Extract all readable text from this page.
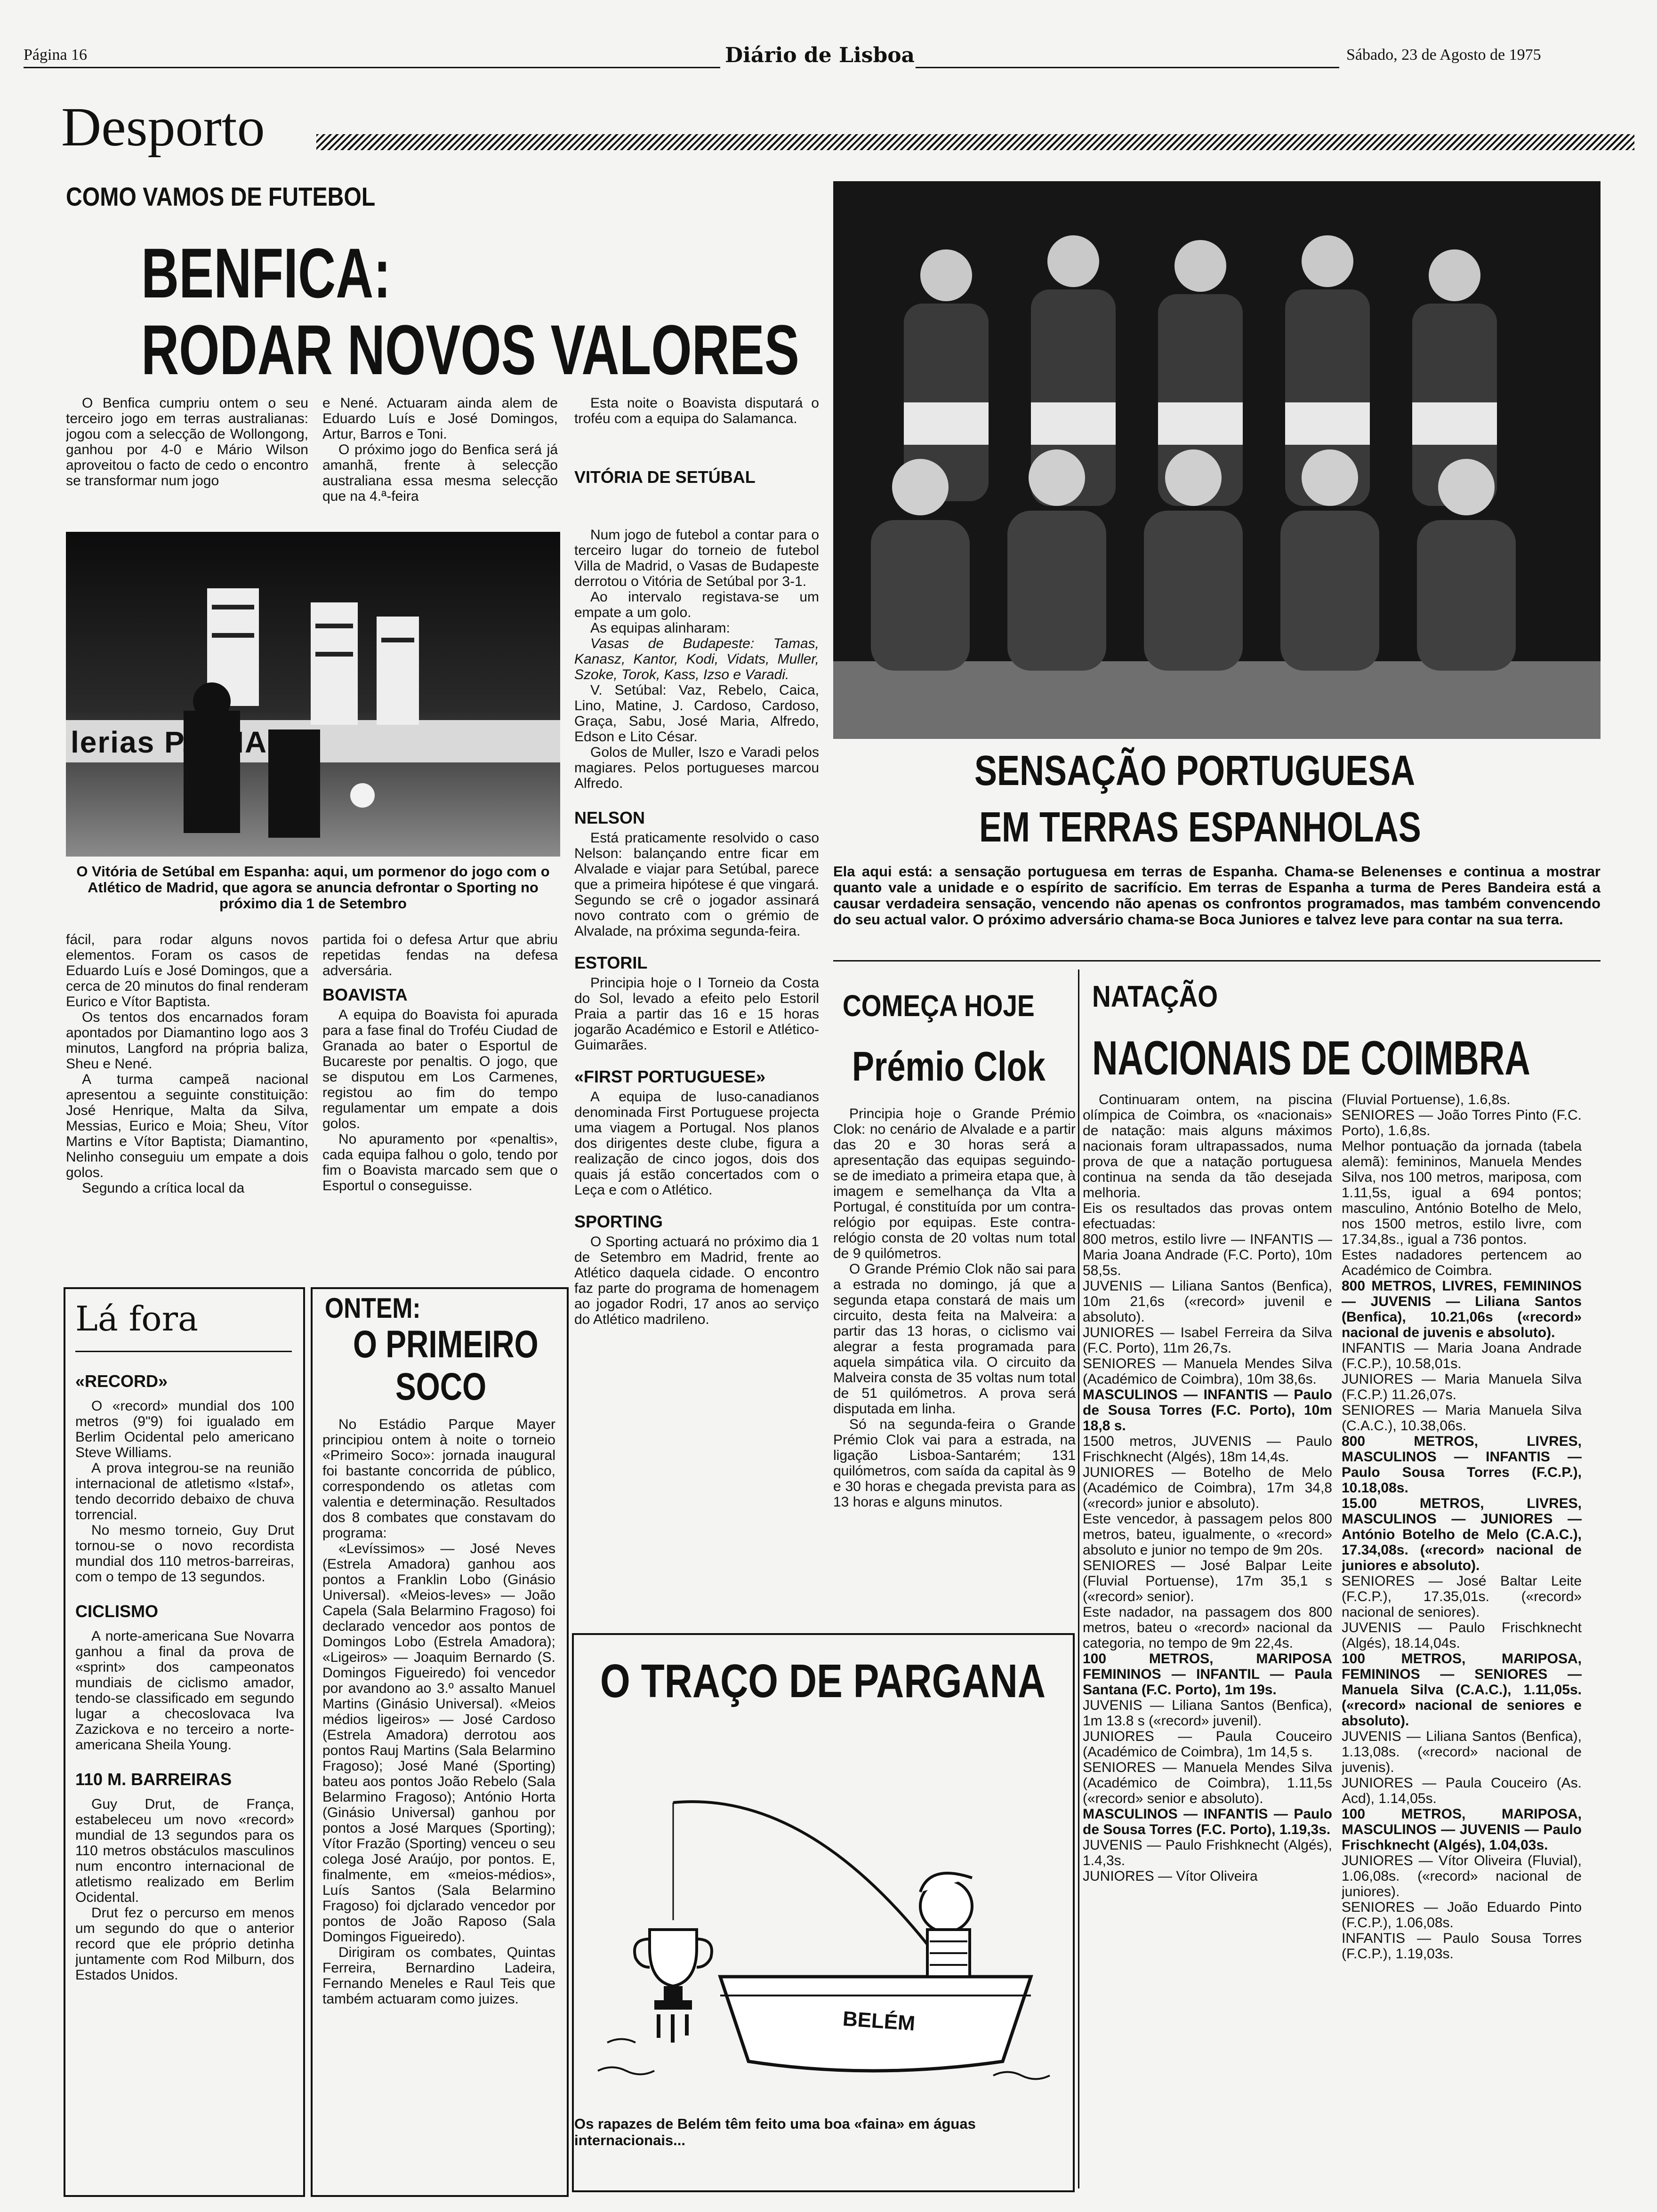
Página 16	Diário de Lisboa	Sábado, 23 de Agosto de 1975
Desporto
COMO VAMOS DE FUTEBOL
BENFICA:
RODAR NOVOS VALORES

O Benfica cumpriu ontem o seu terceiro jogo em terras australianas: jogou com a selecção de Wollongong, ganhou por 4-0 e Mário Wilson aproveitou o facto de cedo o encontro se transformar num jogo

e Nené. Actuaram ainda alem de Eduardo Luís e José Domingos, Artur, Barros e Toni.

O próximo jogo do Benfica será já amanhã, frente à selecção australiana essa mesma selecção que na 4.ª-feira

Esta noite o Boavista disputará o troféu com a equipa do Salamanca.

VITÓRIA DE SETÚBAL
lerias P... MADR
O Vitória de Setúbal em Espanha: aqui, um pormenor do jogo com o Atlético de Madrid, que agora se anuncia defrontar o Sporting no próximo dia 1 de Setembro

fácil, para rodar alguns novos elementos. Foram os casos de Eduardo Luís e José Domingos, que a cerca de 20 minutos do final renderam Eurico e Vítor Baptista.

Os tentos dos encarnados foram apontados por Diamantino logo aos 3 minutos, Langford na própria baliza, Sheu e Nené.

A turma campeã nacional apresentou a seguinte constituição: José Henrique, Malta da Silva, Messias, Eurico e Moia; Sheu, Vítor Martins e Vítor Baptista; Diamantino, Nelinho conseguiu um empate a dois golos.

Segundo a crítica local da

partida foi o defesa Artur que abriu repetidas fendas na defesa adversária.

BOAVISTA

A equipa do Boavista foi apurada para a fase final do Troféu Ciudad de Granada ao bater o Esportul de Bucareste por penaltis. O jogo, que se disputou em Los Carmenes, registou ao fim do tempo regulamentar um empate a dois golos.

No apuramento por «penaltis», cada equipa falhou o golo, tendo por fim o Boavista marcado sem que o Esportul o conseguisse.

Num jogo de futebol a contar para o terceiro lugar do torneio de futebol Villa de Madrid, o Vasas de Budapeste derrotou o Vitória de Setúbal por 3-1.

Ao intervalo registava-se um empate a um golo.

As equipas alinharam:

Vasas de Budapeste: Tamas, Kanasz, Kantor, Kodi, Vidats, Muller, Szoke, Torok, Kass, Izso e Varadi.

V. Setúbal: Vaz, Rebelo, Caica, Lino, Matine, J. Cardoso, Cardoso, Graça, Sabu, José Maria, Alfredo, Edson e Lito César.

Golos de Muller, Iszo e Varadi pelos magiares. Pelos portugueses marcou Alfredo.

NELSON

Está praticamente resolvido o caso Nelson: balançando entre ficar em Alvalade e viajar para Setúbal, parece que a primeira hipótese é que vingará. Segundo se crê o jogador assinará novo contrato com o grémio de Alvalade, na próxima segunda-feira.

ESTORIL

Principia hoje o I Torneio da Costa do Sol, levado a efeito pelo Estoril Praia a partir das 16 e 15 horas jogarão Académico e Estoril e Atlético-Guimarães.

«FIRST PORTUGUESE»

A equipa de luso-canadianos denominada First Portuguese projecta uma viagem a Portugal. Nos planos dos dirigentes deste clube, figura a realização de cinco jogos, dois dos quais já estão concertados com o Leça e com o Atlético.

SPORTING

O Sporting actuará no próximo dia 1 de Setembro em Madrid, frente ao Atlético daquela cidade. O encontro faz parte do programa de homenagem ao jogador Rodri, 17 anos ao serviço do Atlético madrileno.

SENSAÇÃO PORTUGUESA
EM TERRAS ESPANHOLAS
Ela aqui está: a sensação portuguesa em terras de Espanha. Chama-se Belenenses e continua a mostrar quanto vale a unidade e o espírito de sacrifício. Em terras de Espanha a turma de Peres Bandeira está a causar verdadeira sensação, vencendo não apenas os confrontos programados, mas também convencendo do seu actual valor. O próximo adversário chama-se Boca Juniores e talvez leve para contar na sua terra.
COMEÇA HOJE
Prémio Clok

Principia hoje o Grande Prémio Clok: no cenário de Alvalade e a partir das 20 e 30 horas será a apresentação das equipas seguindo-se de imediato a primeira etapa que, à imagem e semelhança da Vlta a Portugal, é constituída por um contra-relógio por equipas. Este contra-relógio consta de 20 voltas num total de 9 quilómetros.

O Grande Prémio Clok não sai para a estrada no domingo, já que a segunda etapa constará de mais um circuito, desta feita na Malveira: a partir das 13 horas, o ciclismo vai alegrar a festa programada para aquela simpática vila. O circuito da Malveira consta de 35 voltas num total de 51 quilómetros. A prova será disputada em linha.

Só na segunda-feira o Grande Prémio Clok vai para a estrada, na ligação Lisboa-Santarém; 131 quilómetros, com saída da capital às 9 e 30 horas e chegada prevista para as 13 horas e alguns minutos.

NATAÇÃO
NACIONAIS DE COIMBRA

Continuaram ontem, na piscina olímpica de Coimbra, os «nacionais» de natação: mais alguns máximos nacionais foram ultrapassados, numa prova de que a natação portuguesa continua na senda da tão desejada melhoria.

Eis os resultados das provas ontem efectuadas:

800 metros, estilo livre — INFANTIS — Maria Joana Andrade (F.C. Porto), 10m 58,5s.

JUVENIS — Liliana Santos (Benfica), 10m 21,6s («record» juvenil e absoluto).

JUNIORES — Isabel Ferreira da Silva (F.C. Porto), 11m 26,7s.

SENIORES — Manuela Mendes Silva (Académico de Coimbra), 10m 38,6s.

MASCULINOS — INFANTIS — Paulo de Sousa Torres (F.C. Porto), 10m 18,8 s.

1500 metros, JUVENIS — Paulo Frischknecht (Algés), 18m 14,4s.

JUNIORES — Botelho de Melo (Académico de Coimbra), 17m 34,8 («record» junior e absoluto).

Este vencedor, à passagem pelos 800 metros, bateu, igualmente, o «record» absoluto e junior no tempo de 9m 20s.

SENIORES — José Balpar Leite (Fluvial Portuense), 17m 35,1 s («record» senior).

Este nadador, na passagem dos 800 metros, bateu o «record» nacional da categoria, no tempo de 9m 22,4s.

100 METROS, MARIPOSA FEMININOS — INFANTIL — Paula Santana (F.C. Porto), 1m 19s.

JUVENIS — Liliana Santos (Benfica), 1m 13.8 s («record» juvenil).

JUNIORES — Paula Couceiro (Académico de Coimbra), 1m 14,5 s.

SENIORES — Manuela Mendes Silva (Académico de Coimbra), 1.11,5s («record» senior e absoluto).

MASCULINOS — INFANTIS — Paulo de Sousa Torres (F.C. Porto), 1.19,3s.

JUVENIS — Paulo Frishknecht (Algés), 1.4,3s.

JUNIORES — Vítor Oliveira

(Fluvial Portuense), 1.6,8s.

SENIORES — João Torres Pinto (F.C. Porto), 1.6,8s.

Melhor pontuação da jornada (tabela alemã): femininos, Manuela Mendes Silva, nos 100 metros, mariposa, com 1.11,5s, igual a 694 pontos; masculino, António Botelho de Melo, nos 1500 metros, estilo livre, com 17.34,8s., igual a 736 pontos.

Estes nadadores pertencem ao Académico de Coimbra.

800 METROS, LIVRES, FEMININOS — JUVENIS — Liliana Santos (Benfica), 10.21,06s («record» nacional de juvenis e absoluto).

INFANTIS — Maria Joana Andrade (F.C.P.), 10.58,01s.

JUNIORES — Maria Manuela Silva (F.C.P.) 11.26,07s.

SENIORES — Maria Manuela Silva (C.A.C.), 10.38,06s.

800 METROS, LIVRES, MASCULINOS — INFANTIS — Paulo Sousa Torres (F.C.P.), 10.18,08s.

15.00 METROS, LIVRES, MASCULINOS — JUNIORES — António Botelho de Melo (C.A.C.), 17.34,08s. («record» nacional de juniores e absoluto).

SENIORES — José Baltar Leite (F.C.P.), 17.35,01s. («record» nacional de seniores).

JUVENIS — Paulo Frischknecht (Algés), 18.14,04s.

100 METROS, MARIPOSA, FEMININOS — SENIORES — Manuela Silva (C.A.C.), 1.11,05s. («record» nacional de seniores e absoluto).

JUVENIS — Liliana Santos (Benfica), 1.13,08s. («record» nacional de juvenis).

JUNIORES — Paula Couceiro (As. Acd), 1.14,05s.

100 METROS, MARIPOSA, MASCULINOS — JUVENIS — Paulo Frischknecht (Algés), 1.04,03s.

JUNIORES — Vítor Oliveira (Fluvial), 1.06,08s. («record» nacional de juniores).

SENIORES — João Eduardo Pinto (F.C.P.), 1.06,08s.

INFANTIS — Paulo Sousa Torres (F.C.P.), 1.19,03s.

Lá fora
«RECORD»

O «record» mundial dos 100 metros (9"9) foi igualado em Berlim Ocidental pelo americano Steve Williams.

A prova integrou-se na reunião internacional de atletismo «Istaf», tendo decorrido debaixo de chuva torrencial.

No mesmo torneio, Guy Drut tornou-se o novo recordista mundial dos 110 metros-barreiras, com o tempo de 13 segundos.

CICLISMO

A norte-americana Sue Novarra ganhou a final da prova de «sprint» dos campeonatos mundiais de ciclismo amador, tendo-se classificado em segundo lugar a checoslovaca Iva Zazickova e no terceiro a norte-americana Sheila Young.

110 M. BARREIRAS

Guy Drut, de França, estabeleceu um novo «record» mundial de 13 segundos para os 110 metros obstáculos masculinos num encontro internacional de atletismo realizado em Berlim Ocidental.

Drut fez o percurso em menos um segundo do que o anterior record que ele próprio detinha juntamente com Rod Milburn, dos Estados Unidos.

ONTEM:
O PRIMEIRO
SOCO

No Estádio Parque Mayer principiou ontem à noite o torneio «Primeiro Soco»: jornada inaugural foi bastante concorrida de público, correspondendo os atletas com valentia e determinação. Resultados dos 8 combates que constavam do programa:

«Levíssimos» — José Neves (Estrela Amadora) ganhou aos pontos a Franklin Lobo (Ginásio Universal). «Meios-leves» — João Capela (Sala Belarmino Fragoso) foi declarado vencedor aos pontos de Domingos Lobo (Estrela Amadora); «Ligeiros» — Joaquim Bernardo (S. Domingos Figueiredo) foi vencedor por avandono ao 3.º assalto Manuel Martins (Ginásio Universal). «Meios médios ligeiros» — José Cardoso (Estrela Amadora) derrotou aos pontos Rauj Martins (Sala Belarmino Fragoso); José Mané (Sporting) bateu aos pontos João Rebelo (Sala Belarmino Fragoso); António Horta (Ginásio Universal) ganhou por pontos a José Marques (Sporting); Vítor Frazão (Sporting) venceu o seu colega José Araújo, por pontos. E, finalmente, em «meios-médios», Luís Santos (Sala Belarmino Fragoso) foi djclarado vencedor por pontos de João Raposo (Sala Domingos Figueiredo).

Dirigiram os combates, Quintas Ferreira, Bernardino Ladeira, Fernando Meneles e Raul Teis que também actuaram como juizes.

O TRAÇO DE PARGANA
BELÉM
Os rapazes de Belém têm feito uma boa «faina» em águas internacionais...
